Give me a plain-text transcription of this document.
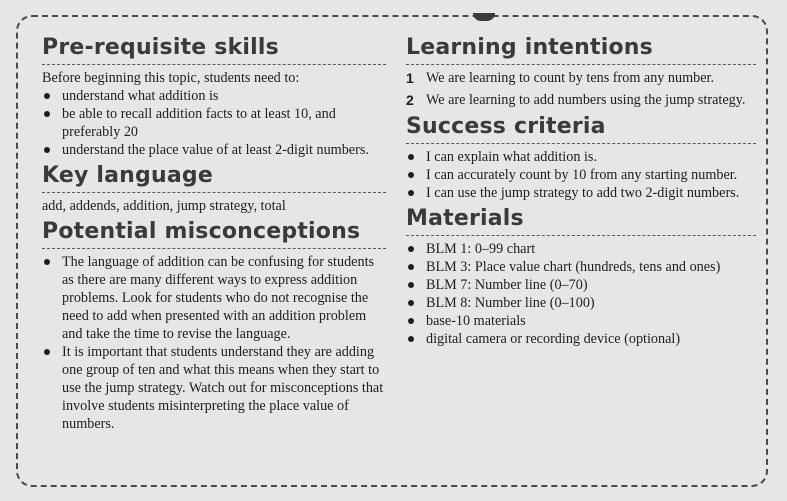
Pre-requisite skills
Before beginning this topic, students need to:
understand what addition is
be able to recall addition facts to at least 10, and preferably 20
understand the place value of at least 2-digit numbers.
Key language
add, addends, addition, jump strategy, total
Potential misconceptions
The language of addition can be confusing for students as there are many different ways to express addition problems. Look for students who do not recognise the need to add when presented with an addition problem and take the time to revise the language.
It is important that students understand they are adding one group of ten and what this means when they start to use the jump strategy. Watch out for misconceptions that involve students misinterpreting the place value of numbers.
Learning intentions
1 We are learning to count by tens from any number.
2 We are learning to add numbers using the jump strategy.
Success criteria
I can explain what addition is.
I can accurately count by 10 from any starting number.
I can use the jump strategy to add two 2-digit numbers.
Materials
BLM 1: 0–99 chart
BLM 3: Place value chart (hundreds, tens and ones)
BLM 7: Number line (0–70)
BLM 8: Number line (0–100)
base-10 materials
digital camera or recording device (optional)
